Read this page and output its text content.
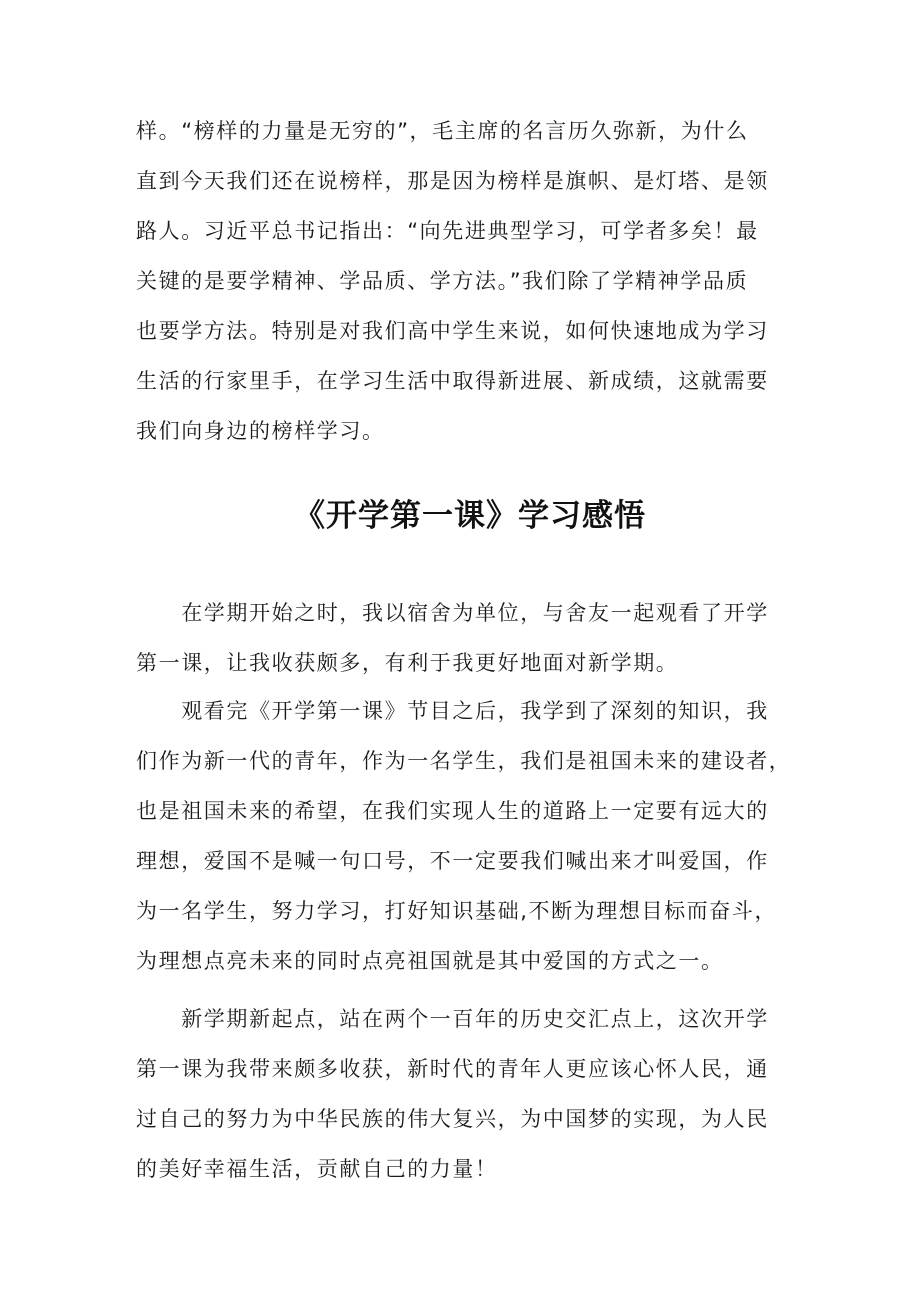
样。“榜样的力量是无穷的”，毛主席的名言历久弥新，为什么
直到今天我们还在说榜样，那是因为榜样是旗帜、是灯塔、是领
路人。习近平总书记指出：“向先进典型学习，可学者多矣！最
关键的是要学精神、学品质、学方法。”我们除了学精神学品质
也要学方法。特别是对我们高中学生来说，如何快速地成为学习
生活的行家里手，在学习生活中取得新进展、新成绩，这就需要
我们向身边的榜样学习。

《开学第一课》学习感悟

　　在学期开始之时，我以宿舍为单位，与舍友一起观看了开学
第一课，让我收获颇多，有利于我更好地面对新学期。

　　观看完《开学第一课》节目之后，我学到了深刻的知识，我
们作为新一代的青年，作为一名学生，我们是祖国未来的建设者，
也是祖国未来的希望，在我们实现人生的道路上一定要有远大的
理想，爱国不是喊一句口号，不一定要我们喊出来才叫爱国，作
为一名学生，努力学习，打好知识基础,不断为理想目标而奋斗，
为理想点亮未来的同时点亮祖国就是其中爱国的方式之一。

　　新学期新起点，站在两个一百年的历史交汇点上，这次开学
第一课为我带来颇多收获，新时代的青年人更应该心怀人民，通
过自己的努力为中华民族的伟大复兴，为中国梦的实现，为人民
的美好幸福生活，贡献自己的力量！
